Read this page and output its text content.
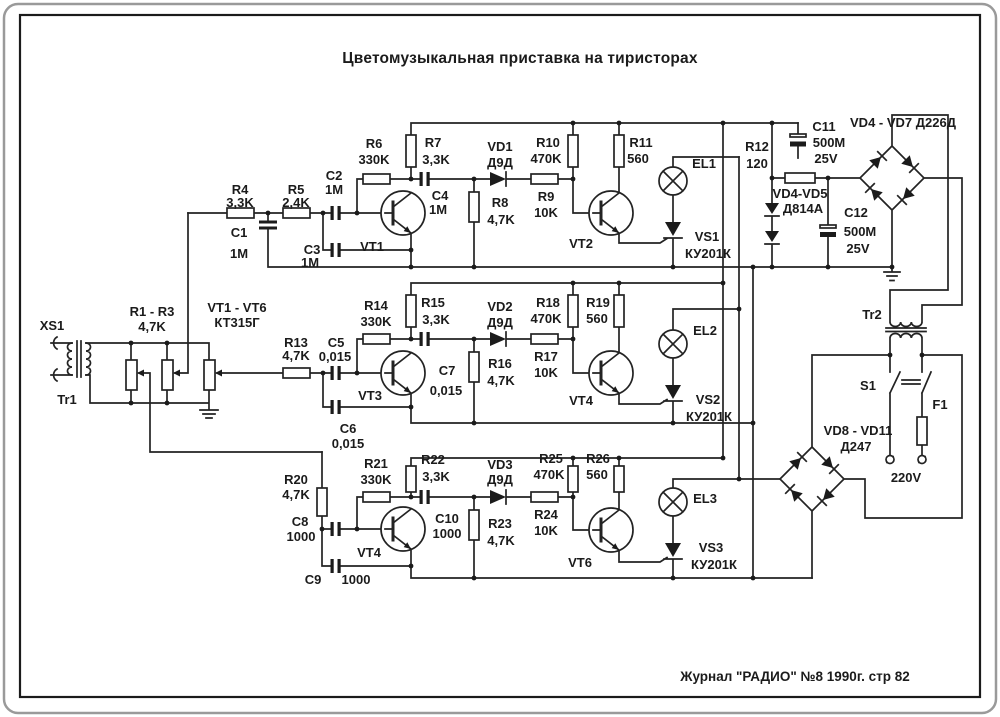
Цветомузыкальная приставка на тиристорах
Журнал "РАДИО" №8 1990г. стр 82
XS1
Tr1
R1 - R3
4,7K
VT1 - VT6
КТ315Г
R4
3,3K
C1
1M
R5
2,4K
C2
1M
C3
1M
R6
330K
R7
3,3K
C4
1M
VD1
Д9Д
R8
4,7K
R9
10K
R10
470K
R11
560
VT1	VT2
EL1
VS1
КУ201К
R13
4,7K
C5
0,015
C6
0,015
R14
330K
R15
3,3K
C7
0,015
VD2
Д9Д
R16
4,7K
R17
10K
R18
470K
R19
560
VT3	VT4
EL2
VS2
КУ201К
R20
4,7K
C8
1000
C9 1000
R21
330K
R22
3,3K
C10
1000
VD3
Д9Д
R23
4,7K
R24
10K
R25
470K
R26
560
VT4
VT6
EL3
VS3
КУ201К
R12
120
C11
500M
25V
VD4 - VD7 Д226Д
VD4-VD5
Д814А C12
500M
25V
Tr2
S1
F1
220V
VD8 - VD11
Д247
